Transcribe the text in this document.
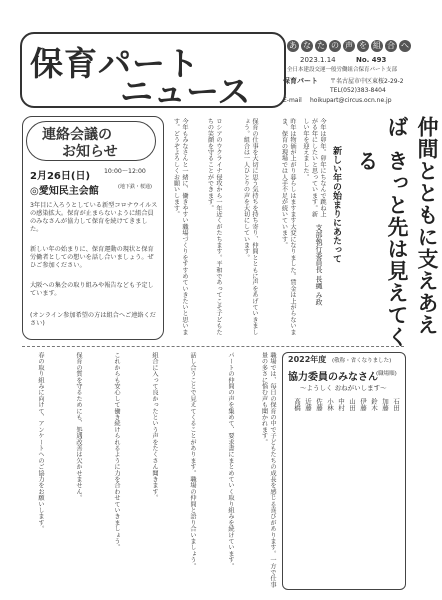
保育パート
ニュース
あ な た の 声 を 組 合 へ
2023.1.14	No. 493
全日本建設交運一般労働組合保育パート支部
保育パート 〒名古屋市中区東桜2-29-2
TEL(052)383-8404
E-mail hoikupart@circus.ocn.ne.jp
連絡会議の
お知らせ
2月26日(日) 10:00〜12:00
◎愛知民主会館	(地下鉄・桜通)
3年目に入ろうとしている新型コロナウイルスの感染拡大。保育が止まらないように組合員のみなさんが協力して保育を続けてきました。
新しい年の始まりに、保育運動の現状と保育労働者としての想いを話し合いましょう。ぜひご参加ください。
大阪への集会の取り組みや報告なども予定しています。
(オンライン参加希望の方は組合へご連絡ください)	今年もみなさんと一緒に、働きやすい職場づくりをすすめていきたいと思います。どうぞよろしくお願いします。	ロシアのウクライナ侵攻から一年近くがたちます。平和であってこそ子どもたちの笑顔を守ることができます。	保育の仕事を大切に思う気持ちを持ち寄り、仲間とともに声をあげていきましょう。組合は一人ひとりの声を大切にしています。	昨年は物価が上がり暮らしはますます大変になりました。賃金は上がらないまま、保育の現場では人手不足が続いています。	今年は卯年。卯年にちなんで跳ね上がる年にしたいと思っています。新しい年を迎えました。	仲間とともに支えあえば
きっと先は見えてくる
新しい年の始まりにあたって
支部執行委員長 長縄 み政
春の取り組みに向けて、アンケートへのご協力をお願いします。	保育の質を守るためにも、処遇改善は欠かせません。	これからも安心して働き続けられるように力を合わせていきましょう。	組合に入って良かったという声をたくさん聞きます。	話し合うことで見えてくることがあります。職場の仲間と語り合いましょう。	パートの仲間の声を集めて、要求書にまとめていく取り組みを続けています。	職場では、毎日の保育の中で子どもたちの成長を感じる喜びがあります。一方で仕事量の多さに悩む声も聞かれます。	2022年度 (敬称・省くなりました)
協力委員のみなさん
(職場順)
〜ようしく おねがいします〜
石田
加藤
鈴木
伊藤
山田
中村
小林
佐藤
近藤
高橋
